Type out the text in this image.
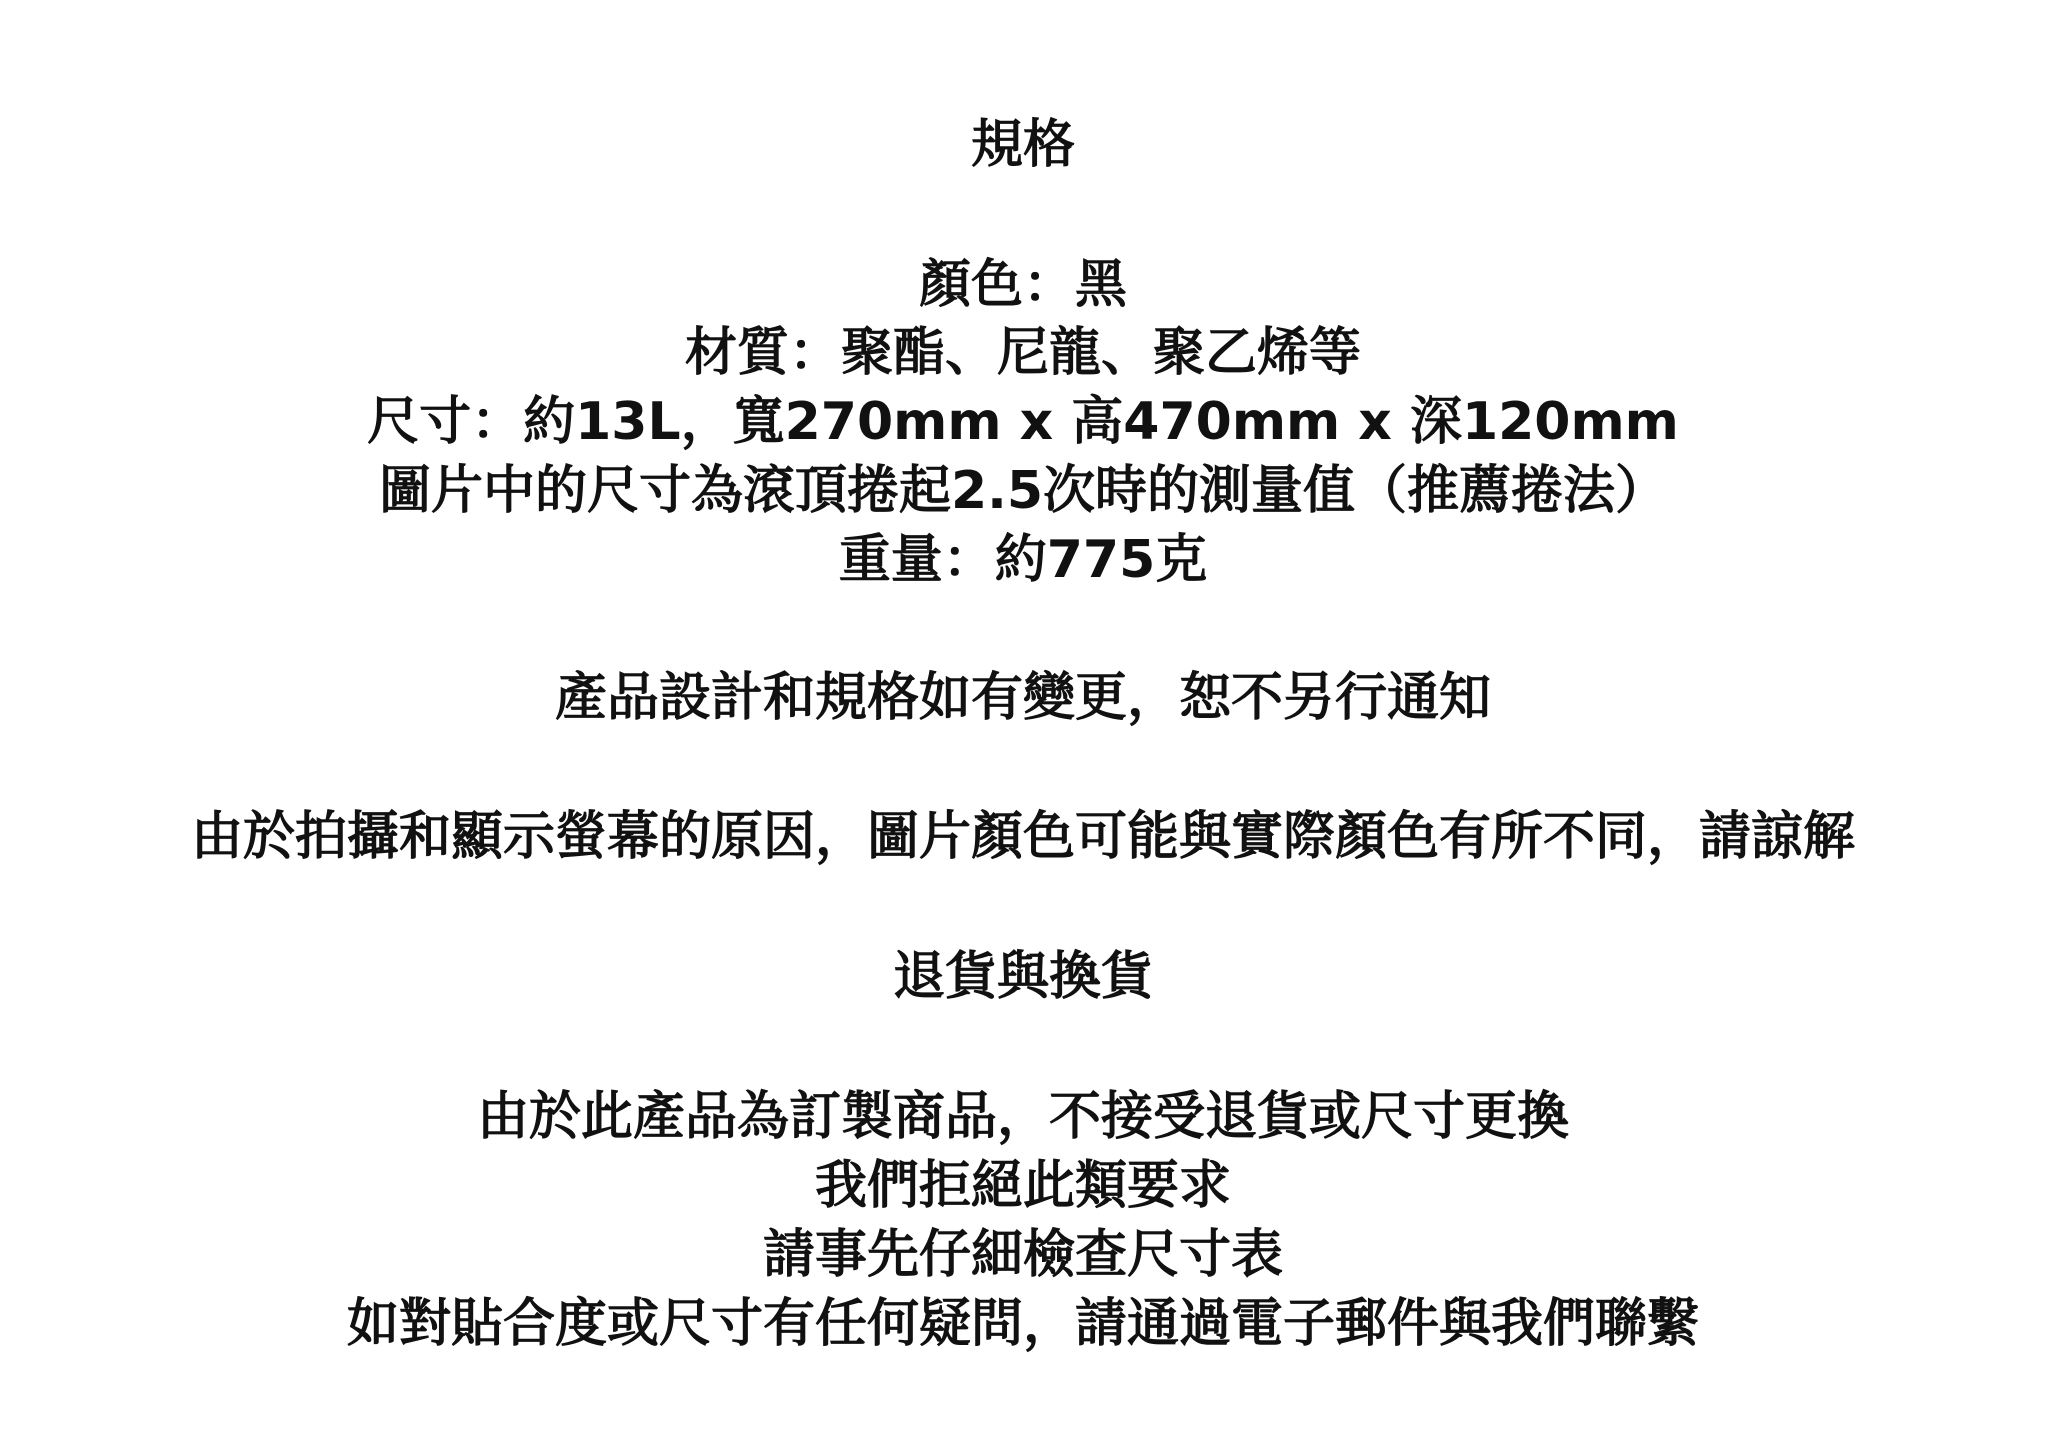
規格
顏色：黑
材質：聚酯、尼龍、聚乙烯等
尺寸：約13L，寬270mm x 高470mm x 深120mm
圖片中的尺寸為滾頂捲起2.5次時的測量值（推薦捲法）
重量：約775克
產品設計和規格如有變更，恕不另行通知
由於拍攝和顯示螢幕的原因，圖片顏色可能與實際顏色有所不同，請諒解
退貨與換貨
由於此產品為訂製商品，不接受退貨或尺寸更換
我們拒絕此類要求
請事先仔細檢查尺寸表
如對貼合度或尺寸有任何疑問，請通過電子郵件與我們聯繫
